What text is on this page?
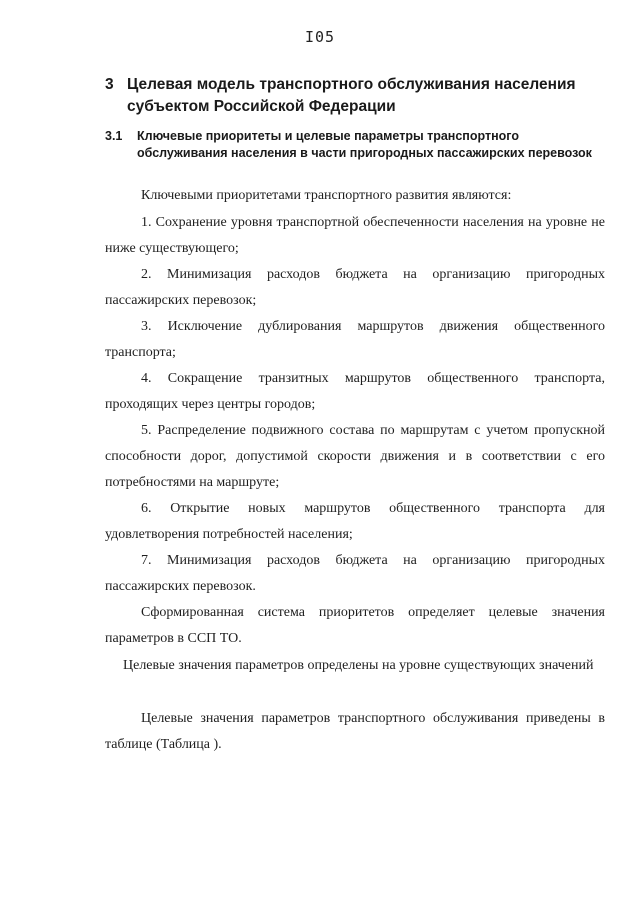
I05
3 Целевая модель транспортного обслуживания населения субъектом Российской Федерации
3.1	Ключевые приоритеты и целевые параметры транспортного обслуживания населения в части пригородных пассажирских перевозок

Ключевыми приоритетами транспортного развития являются:

1. Сохранение уровня транспортной обеспеченности населения на уровне не ниже существующего;

2. Минимизация расходов бюджета на организацию пригородных пассажирских перевозок;

3. Исключение дублирования маршрутов движения общественного транспорта;

4. Сокращение транзитных маршрутов общественного транспорта, проходящих через центры городов;

5. Распределение подвижного состава по маршрутам с учетом пропускной способности дорог, допустимой скорости движения и в соответствии с его потребностями на маршруте;

6. Открытие новых маршрутов общественного транспорта для удовлетворения потребностей населения;

7. Минимизация расходов бюджета на организацию пригородных пассажирских перевозок.

Сформированная система приоритетов определяет целевые значения параметров в ССП ТО.

Целевые значения параметров определены на уровне существующих значений

Целевые значения параметров транспортного обслуживания приведены в таблице (Таблица ).
